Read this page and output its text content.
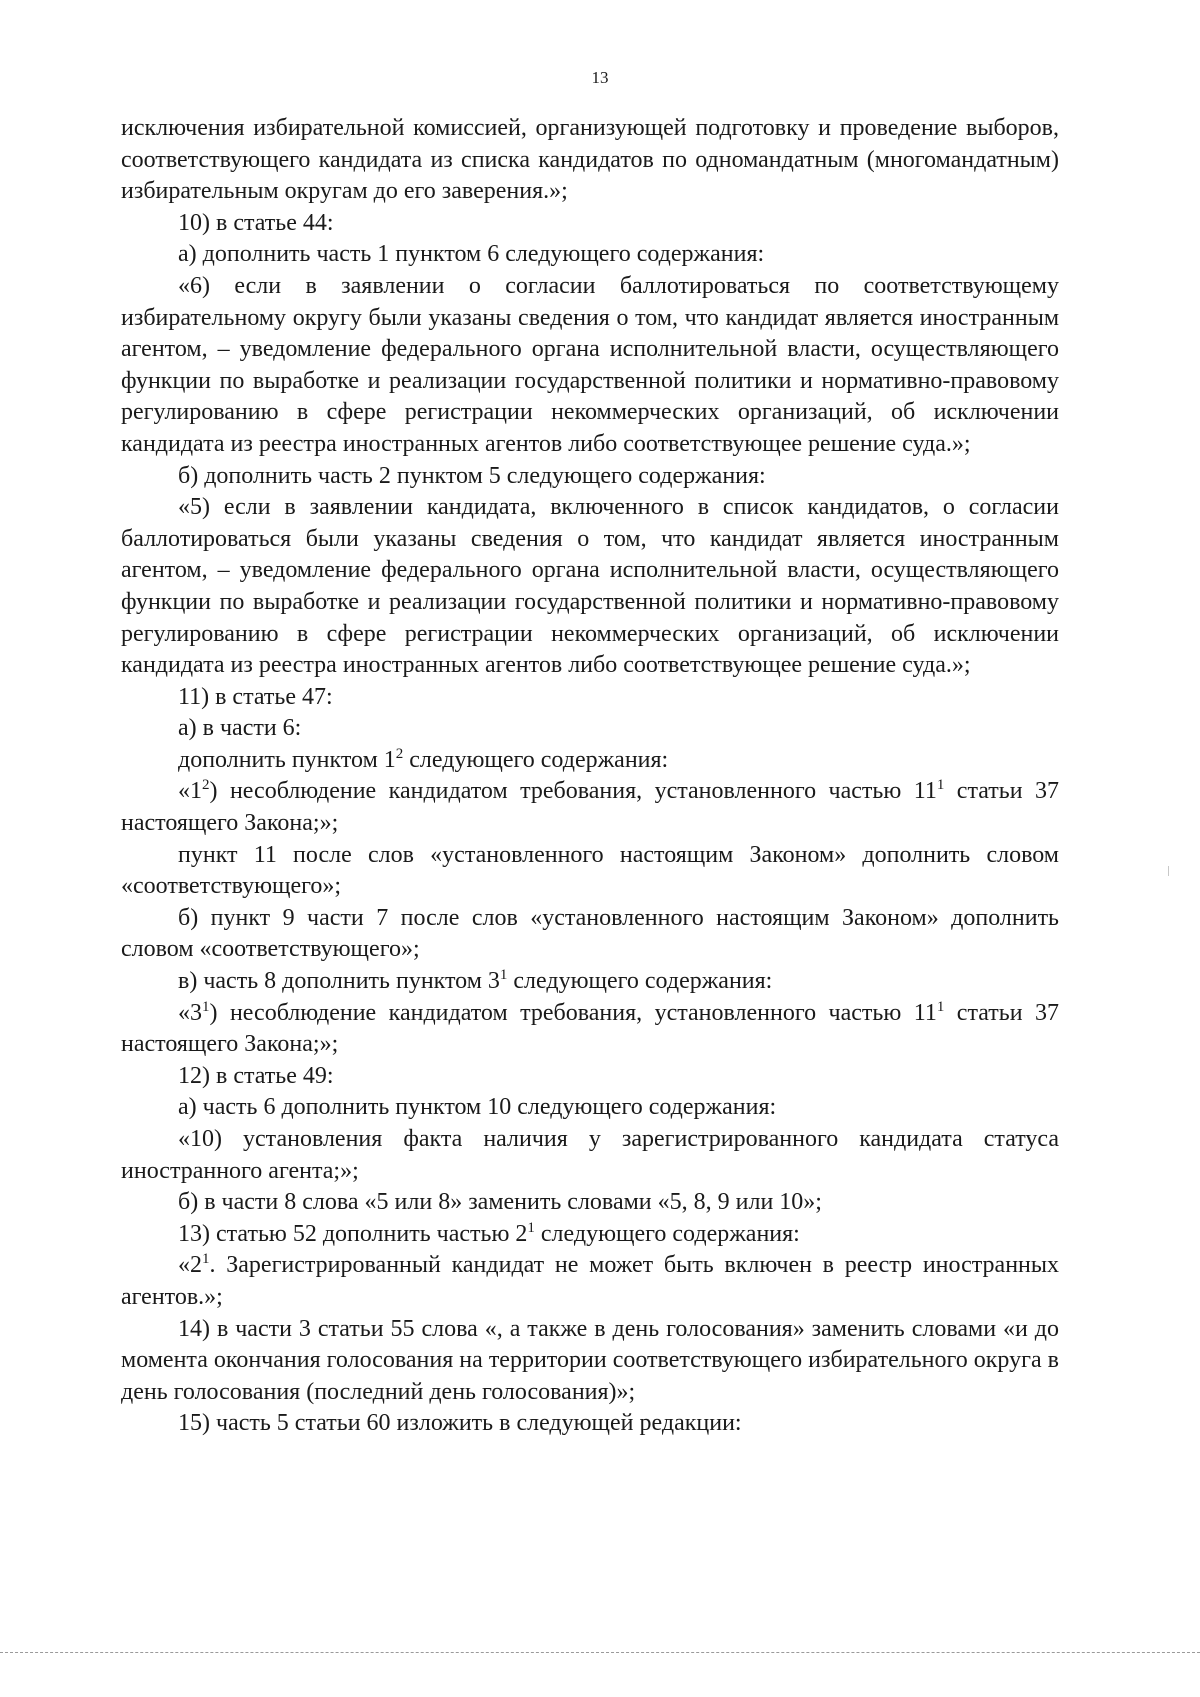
13

исключения избирательной комиссией, организующей подготовку и проведение выборов, соответствующего кандидата из списка кандидатов по одномандатным (многомандатным) избирательным округам до его заверения.»;

10) в статье 44:

а) дополнить часть 1 пунктом 6 следующего содержания:

«6) если в заявлении о согласии баллотироваться по соответствующему избирательному округу были указаны сведения о том, что кандидат является иностранным агентом, – уведомление федерального органа исполнительной власти, осуществляющего функции по выработке и реализации государственной политики и нормативно-правовому регулированию в сфере регистрации некоммерческих организаций, об исключении кандидата из реестра иностранных агентов либо соответствующее решение суда.»;

б) дополнить часть 2 пунктом 5 следующего содержания:

«5) если в заявлении кандидата, включенного в список кандидатов, о согласии баллотироваться были указаны сведения о том, что кандидат является иностранным агентом, – уведомление федерального органа исполнительной власти, осуществляющего функции по выработке и реализации государственной политики и нормативно-правовому регулированию в сфере регистрации некоммерческих организаций, об исключении кандидата из реестра иностранных агентов либо соответствующее решение суда.»;

11) в статье 47:

а) в части 6:

дополнить пунктом $1^2$ следующего содержания:

«$1^2$) несоблюдение кандидатом требования, установленного частью $11^1$ статьи 37 настоящего Закона;»;

пункт 11 после слов «установленного настоящим Законом» дополнить словом «соответствующего»;

б) пункт 9 части 7 после слов «установленного настоящим Законом» дополнить словом «соответствующего»;

в) часть 8 дополнить пунктом $3^1$ следующего содержания:

«$3^1$) несоблюдение кандидатом требования, установленного частью $11^1$ статьи 37 настоящего Закона;»;

12) в статье 49:

а) часть 6 дополнить пунктом 10 следующего содержания:

«10) установления факта наличия у зарегистрированного кандидата статуса иностранного агента;»;

б) в части 8 слова «5 или 8» заменить словами «5, 8, 9 или 10»;

13) статью 52 дополнить частью $2^1$ следующего содержания:

«$2^1$. Зарегистрированный кандидат не может быть включен в реестр иностранных агентов.»;

14) в части 3 статьи 55 слова «, а также в день голосования» заменить словами «и до момента окончания голосования на территории соответствующего избирательного округа в день голосования (последний день голосования)»;

15) часть 5 статьи 60 изложить в следующей редакции:
